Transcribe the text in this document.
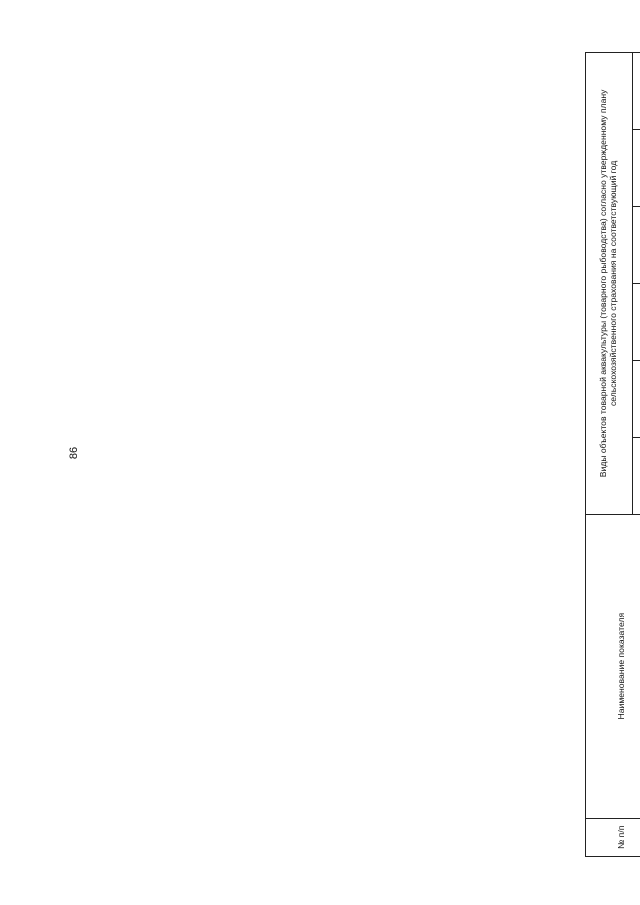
86
№ п/п	Наименование показателя	Виды объектов товарной аквакультуры (товарного рыбоводства) согласно утвержденному плану сельскохозяйственного страхования на соответствующий год					
